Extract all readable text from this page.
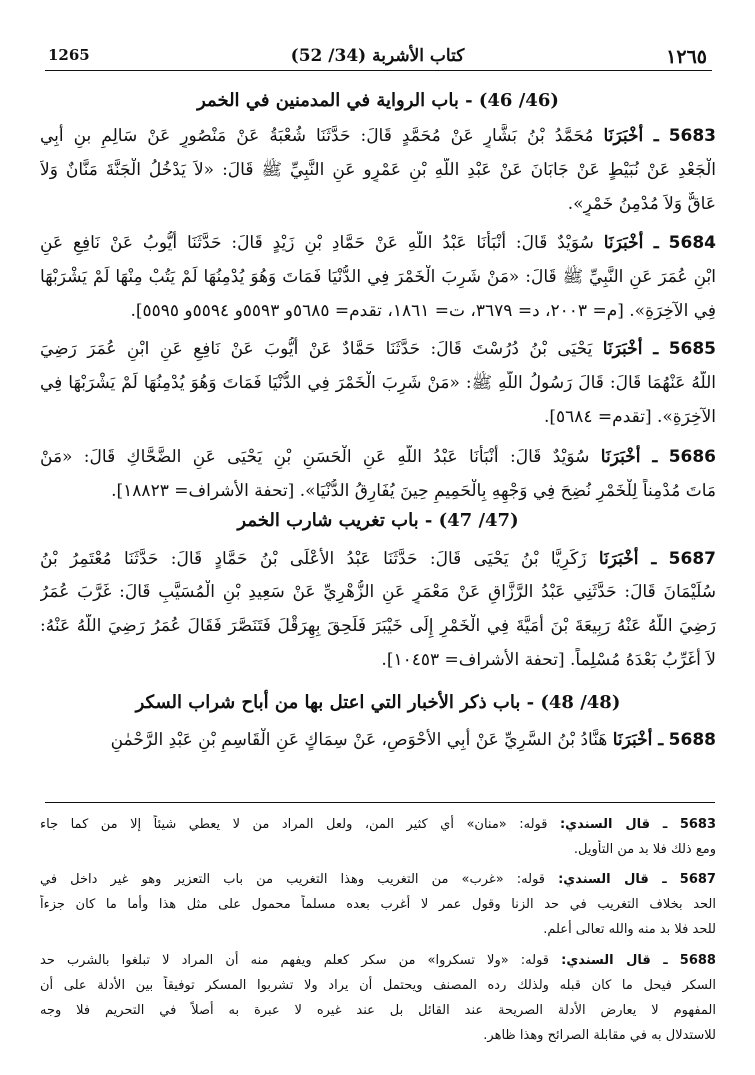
1265	(52 /34) كتاب الأشربة	١٢٦٥
(46/ 46) - باب الرواية في المدمنين في الخمر
5683 ـ أَخْبَرَنَا مُحَمَّدُ بْنُ بَشَّارٍ عَنْ مُحَمَّدٍ قَالَ: حَدَّثَنَا شُعْبَةُ عَنْ مَنْصُورٍ عَنْ سَالِمِ بنِ أَبِي
الْجَعْدِ عَنْ نُبَيْطٍ عَنْ جَابَانَ عَنْ عَبْدِ اللَّهِ بْنِ عَمْرٍو عَنِ النَّبِيِّ ﷺ قَالَ: «لاَ يَدْخُلُ الْجَنَّةَ مَنَّانٌ وَلاَ
عَاقٌّ وَلاَ مُدْمِنُ خَمْرٍ».
5684 ـ أَخْبَرَنَا سُوَيْدٌ قَالَ: أَنْبَأَنَا عَبْدُ اللَّهِ عَنْ حَمَّادِ بْنِ زَيْدٍ قَالَ: حَدَّثَنَا أَيُّوبُ عَنْ نَافِعٍ عَنِ
ابْنِ عُمَرَ عَنِ النَّبِيِّ ﷺ قَالَ: «مَنْ شَرِبَ الْخَمْرَ فِي الدُّنْيَا فَمَاتَ وَهُوَ يُدْمِنُهَا لَمْ يَتُبْ مِنْهَا لَمْ يَشْرَبْهَا
فِي الآخِرَةِ». [م= ٢٠٠٣، د= ٣٦٧٩، ت= ١٨٦١، تقدم= ٥٦٨٥و ٥٥٩٣و ٥٥٩٤و ٥٥٩٥].
5685 ـ أَخْبَرَنَا يَحْيَى بْنُ دُرُسْتَ قَالَ: حَدَّثَنَا حَمَّادٌ عَنْ أَيُّوبَ عَنْ نَافِعٍ عَنِ ابْنِ عُمَرَ رَضِيَ
اللَّهُ عَنْهُمَا قَالَ: قَالَ رَسُولُ اللَّهِ ﷺ: «مَنْ شَرِبَ الْخَمْرَ فِي الدُّنْيَا فَمَاتَ وَهُوَ يُدْمِنُهَا لَمْ يَشْرَبْهَا فِي
الآخِرَةِ». [تقدم= ٥٦٨٤].
5686 ـ أَخْبَرَنَا سُوَيْدٌ قَالَ: أَنْبَأَنَا عَبْدُ اللَّهِ عَنِ الْحَسَنِ بْنِ يَحْيَى عَنِ الضَّحَّاكِ قَالَ: «مَنْ
مَاتَ مُدْمِناً لِلْخَمْرِ نُضِحَ فِي وَجْهِهِ بِالْحَمِيمِ حِينَ يُفَارِقُ الدُّنْيَا». [تحفة الأشراف= ١٨٨٢٣].
(47/ 47) - باب تغريب شارب الخمر
5687 ـ أَخْبَرَنَا زَكَرِيَّا بْنُ يَحْيَى قَالَ: حَدَّثَنَا عَبْدُ الأَعْلَى بْنُ حَمَّادٍ قَالَ: حَدَّثَنَا مُعْتَمِرُ بْنُ
سُلَيْمَانَ قَالَ: حَدَّثَنِي عَبْدُ الرَّزَّاقِ عَنْ مَعْمَرٍ عَنِ الزُّهْرِيِّ عَنْ سَعِيدِ بْنِ الْمُسَيَّبِ قَالَ: غَرَّبَ عُمَرُ
رَضِيَ اللَّهُ عَنْهُ رَبِيعَةَ بْنَ أُمَيَّةَ فِي الْخَمْرِ إِلَى خَيْبَرَ فَلَحِقَ بِهِرَقْلَ فَتَنَصَّرَ فَقَالَ عُمَرُ رَضِيَ اللَّهُ عَنْهُ:
لاَ أُغَرِّبُ بَعْدَهُ مُسْلِماً. [تحفة الأشراف= ١٠٤٥٣].
(48/ 48) - باب ذكر الأخبار التي اعتل بها من أباح شراب السكر
5688 ـ أَخْبَرَنَا هَنَّادُ بْنُ السَّرِيِّ عَنْ أَبِي الأَحْوَصِ، عَنْ سِمَاكٍ عَنِ الْقَاسِمِ بْنِ عَبْدِ الرَّحْمٰنِ
5683 ـ قال السندي: قوله: «منان» أي كثير المن، ولعل المراد من لا يعطي شيئاً إلا من كما جاء
ومع ذلك فلا بد من التأويل.
5687 ـ قال السندي: قوله: «غرب» من التغريب وهذا التغريب من باب التعزير وهو غير داخل في
الحد بخلاف التغريب في حد الزنا وقول عمر لا أغرب بعده مسلماً محمول على مثل هذا وأما ما كان جزءاً
للحد فلا بد منه والله تعالى أعلم.
5688 ـ قال السندي: قوله: «ولا تسكروا» من سكر كعلم ويفهم منه أن المراد لا تبلغوا بالشرب حد
السكر فيحل ما كان قبله ولذلك رده المصنف ويحتمل أن يراد ولا تشربوا المسكر توفيقاً بين الأدلة على أن
المفهوم لا يعارض الأدلة الصريحة عند القائل بل عند غيره لا عبرة به أصلاً في التحريم فلا وجه
للاستدلال به في مقابلة الصرائح وهذا ظاهر.
